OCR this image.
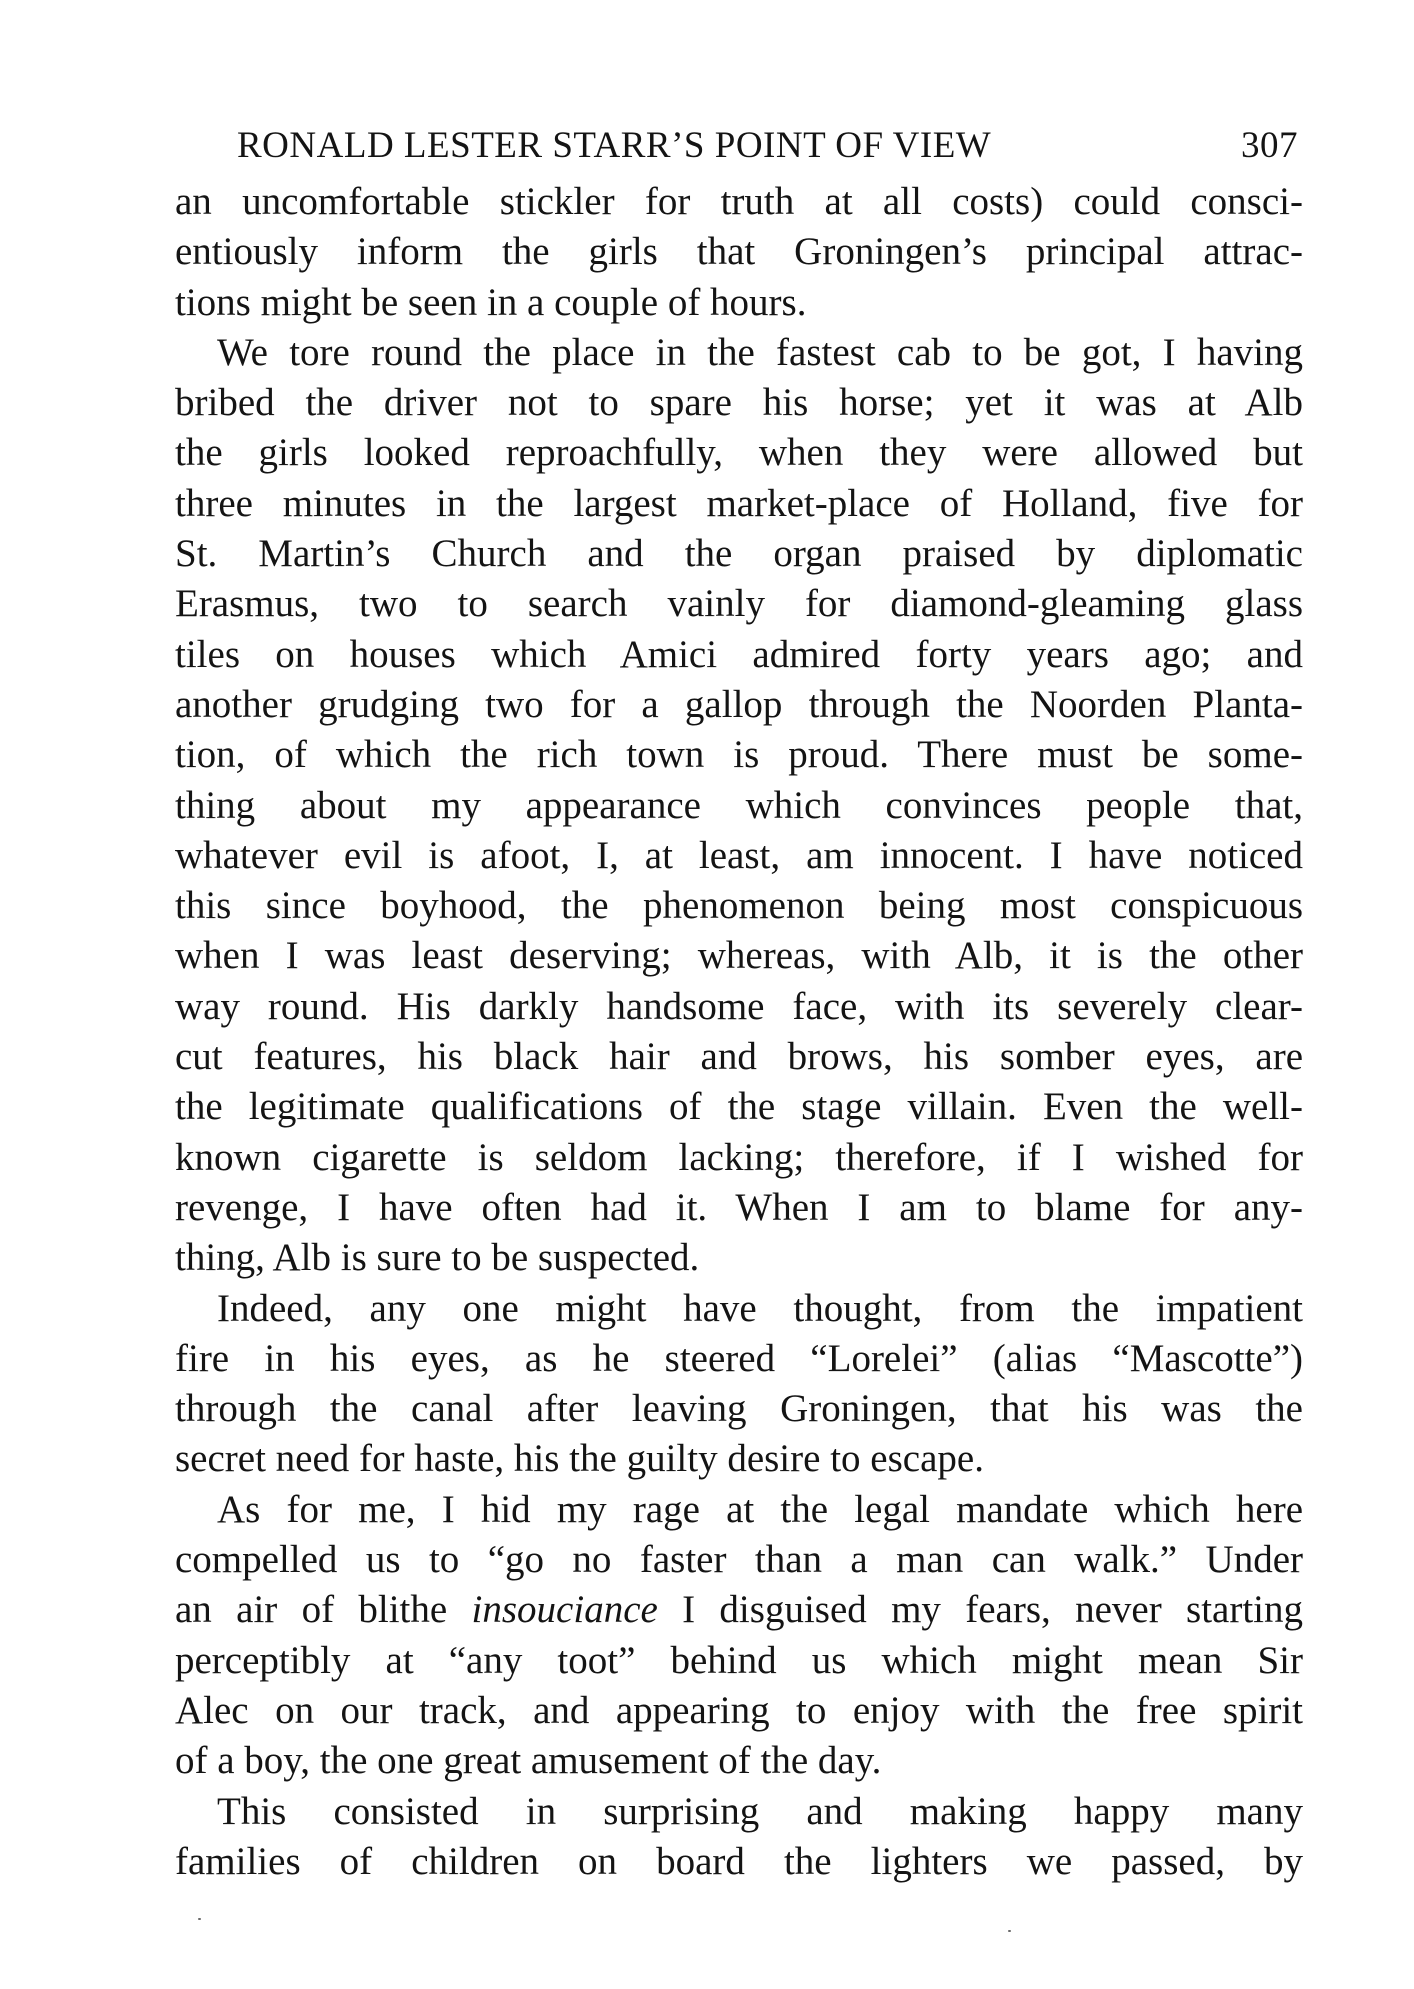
RONALD LESTER STARR’S POINT OF VIEW	307
an uncomfortable stickler for truth at all costs) could consci-
entiously inform the girls that Groningen’s principal attrac-
tions might be seen in a couple of hours.
We tore round the place in the fastest cab to be got, I having
bribed the driver not to spare his horse; yet it was at Alb
the girls looked reproachfully, when they were allowed but
three minutes in the largest market-place of Holland, five for
St. Martin’s Church and the organ praised by diplomatic
Erasmus, two to search vainly for diamond-gleaming glass
tiles on houses which Amici admired forty years ago; and
another grudging two for a gallop through the Noorden Planta-
tion, of which the rich town is proud. There must be some-
thing about my appearance which convinces people that,
whatever evil is afoot, I, at least, am innocent. I have noticed
this since boyhood, the phenomenon being most conspicuous
when I was least deserving; whereas, with Alb, it is the other
way round. His darkly handsome face, with its severely clear-
cut features, his black hair and brows, his somber eyes, are
the legitimate qualifications of the stage villain. Even the well-
known cigarette is seldom lacking; therefore, if I wished for
revenge, I have often had it. When I am to blame for any-
thing, Alb is sure to be suspected.
Indeed, any one might have thought, from the impatient
fire in his eyes, as he steered “Lorelei” (alias “Mascotte”)
through the canal after leaving Groningen, that his was the
secret need for haste, his the guilty desire to escape.
As for me, I hid my rage at the legal mandate which here
compelled us to “go no faster than a man can walk.” Under
an air of blithe insouciance I disguised my fears, never starting
perceptibly at “any toot” behind us which might mean Sir
Alec on our track, and appearing to enjoy with the free spirit
of a boy, the one great amusement of the day.
This consisted in surprising and making happy many
families of children on board the lighters we passed, by
